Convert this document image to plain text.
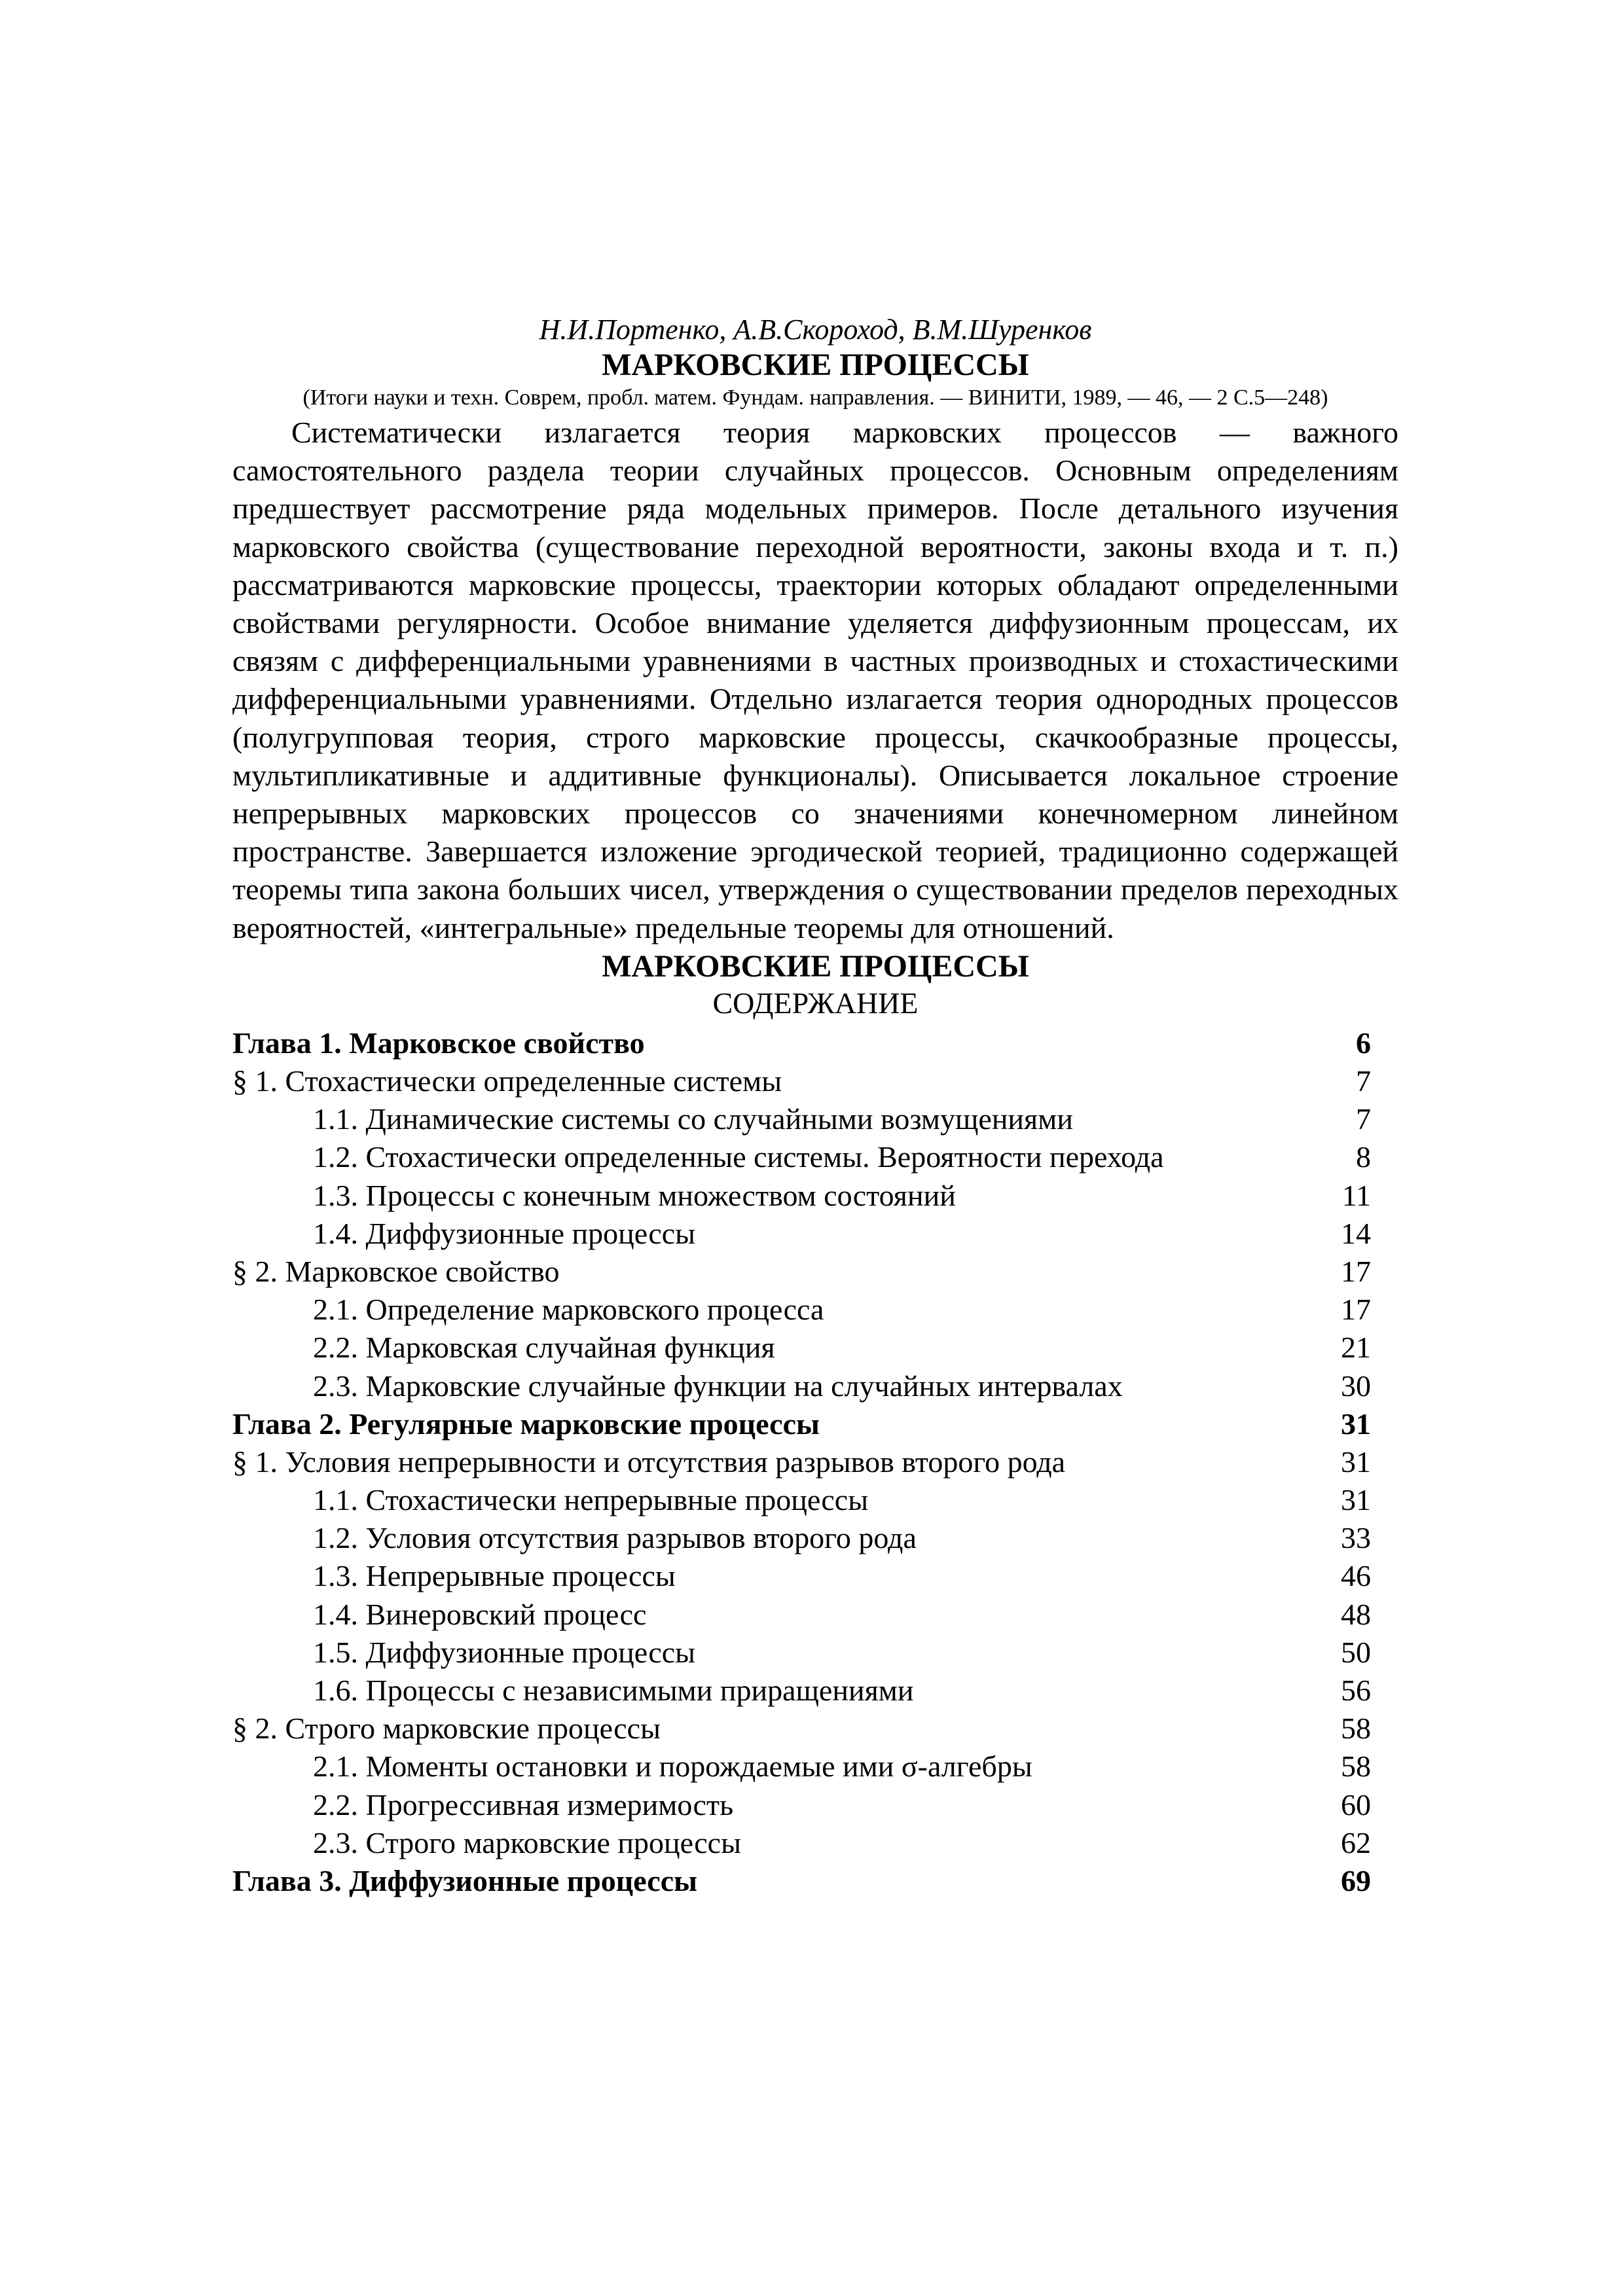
Н.И.Портенко, А.В.Скороход, В.М.Шуренков
МАРКОВСКИЕ ПРОЦЕССЫ
(Итоги науки и техн. Соврем, пробл. матем. Фундам. направления. — ВИНИТИ, 1989, — 46, — 2 С.5—248)

Систематически излагается теория марковских процессов — важного самостоятельного раздела теории случайных процессов. Основным определениям предшествует рассмотрение ряда модельных примеров. После детального изучения марковского свойства (существование переходной вероятности, законы входа и т. п.) рассматриваются марковские процессы, траектории которых обладают определенными свойствами регулярности. Особое внимание уделяется диффузионным процессам, их связям с дифференциальными уравнениями в частных производных и стохастическими дифференциальными уравнениями. Отдельно излагается теория однородных процессов (полугрупповая теория, строго марковские процессы, скачкообразные процессы, мультипликативные и аддитивные функционалы). Описывается локальное строение непрерывных марковских процессов со значениями конечномерном линейном пространстве. Завершается изложение эргодической теорией, традиционно содержащей теоремы типа закона больших чисел, утверждения о существовании пределов переходных вероятностей, «интегральные» предельные теоремы для отношений.

МАРКОВСКИЕ ПРОЦЕССЫ
СОДЕРЖАНИЕ
Глава 1. Марковское свойство	6
§ 1. Стохастически определенные системы	7
1.1. Динамические системы со случайными возмущениями	7
1.2. Стохастически определенные системы. Вероятности перехода	8
1.3. Процессы с конечным множеством состояний	11
1.4. Диффузионные процессы	14
§ 2. Марковское свойство	17
2.1. Определение марковского процесса	17
2.2. Марковская случайная функция	21
2.3. Марковские случайные функции на случайных интервалах	30
Глава 2. Регулярные марковские процессы	31
§ 1. Условия непрерывности и отсутствия разрывов второго рода	31
1.1. Стохастически непрерывные процессы	31
1.2. Условия отсутствия разрывов второго рода	33
1.3. Непрерывные процессы	46
1.4. Винеровский процесс	48
1.5. Диффузионные процессы	50
1.6. Процессы с независимыми приращениями	56
§ 2. Строго марковские процессы	58
2.1. Моменты остановки и порождаемые ими σ-алгебры	58
2.2. Прогрессивная измеримость	60
2.3. Строго марковские процессы	62
Глава 3. Диффузионные процессы	69
